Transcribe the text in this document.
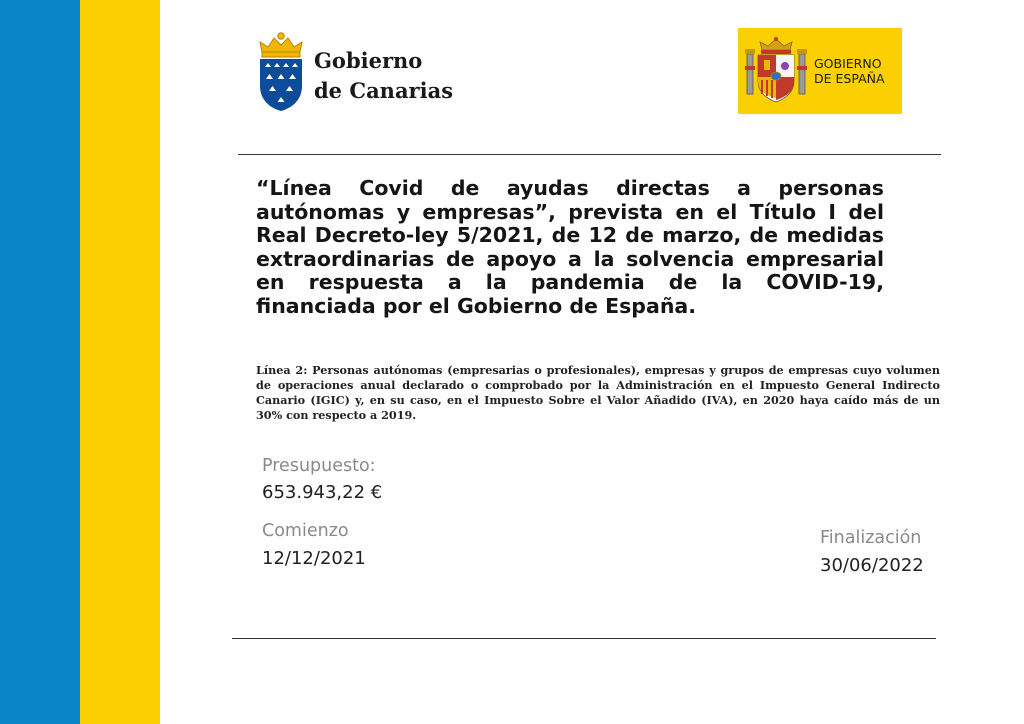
Gobierno
de Canarias
GOBIERNO
DE ESPAÑA

“Línea Covid de ayudas directas a personas autónomas y empresas”, prevista en el Título I del Real Decreto-ley 5/2021, de 12 de marzo, de medidas extraordinarias de apoyo a la solvencia empresarial en respuesta a la pandemia de la COVID-19, financiada por el Gobierno de España.

Línea 2: Personas autónomas (empresarias o profesionales), empresas y grupos de empresas cuyo volumen de operaciones anual declarado o comprobado por la Administración en el Impuesto General Indirecto Canario (IGIC) y, en su caso, en el Impuesto Sobre el Valor Añadido (IVA), en 2020 haya caído más de un 30% con respecto a 2019.

Presupuesto:
653.943,22 €
Comienzo
12/12/2021
Finalización
30/06/2022
